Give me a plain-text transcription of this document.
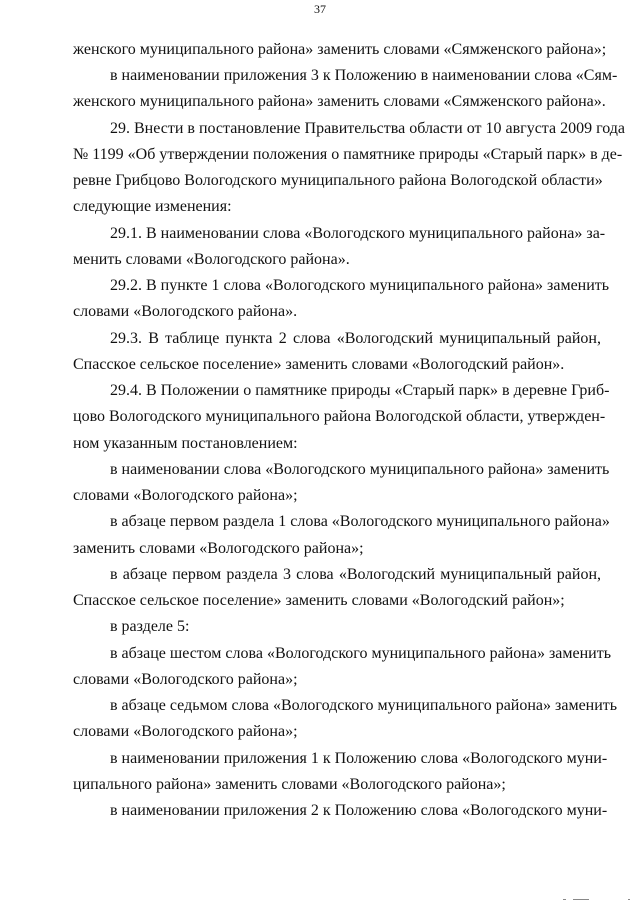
37
женского муниципального района» заменить словами «Сямженского района»;
в наименовании приложения 3 к Положению в наименовании слова «Сям-
женского муниципального района» заменить словами «Сямженского района».
29. Внести в постановление Правительства области от 10 августа 2009 года
№ 1199 «Об утверждении положения о памятнике природы «Старый парк» в де-
ревне Грибцово Вологодского муниципального района Вологодской области»
следующие изменения:
29.1. В наименовании слова «Вологодского муниципального района» за-
менить словами «Вологодского района».
29.2. В пункте 1 слова «Вологодского муниципального района» заменить
словами «Вологодского района».
29.3. В таблице пункта 2 слова «Вологодский муниципальный район,
Спасское сельское поселение» заменить словами «Вологодский район».
29.4. В Положении о памятнике природы «Старый парк» в деревне Гриб-
цово Вологодского муниципального района Вологодской области, утвержден-
ном указанным постановлением:
в наименовании слова «Вологодского муниципального района» заменить
словами «Вологодского района»;
в абзаце первом раздела 1 слова «Вологодского муниципального района»
заменить словами «Вологодского района»;
в абзаце первом раздела 3 слова «Вологодский муниципальный район,
Спасское сельское поселение» заменить словами «Вологодский район»;
в разделе 5:
в абзаце шестом слова «Вологодского муниципального района» заменить
словами «Вологодского района»;
в абзаце седьмом слова «Вологодского муниципального района» заменить
словами «Вологодского района»;
в наименовании приложения 1 к Положению слова «Вологодского муни-
ципального района» заменить словами «Вологодского района»;
в наименовании приложения 2 к Положению слова «Вологодского муни-
